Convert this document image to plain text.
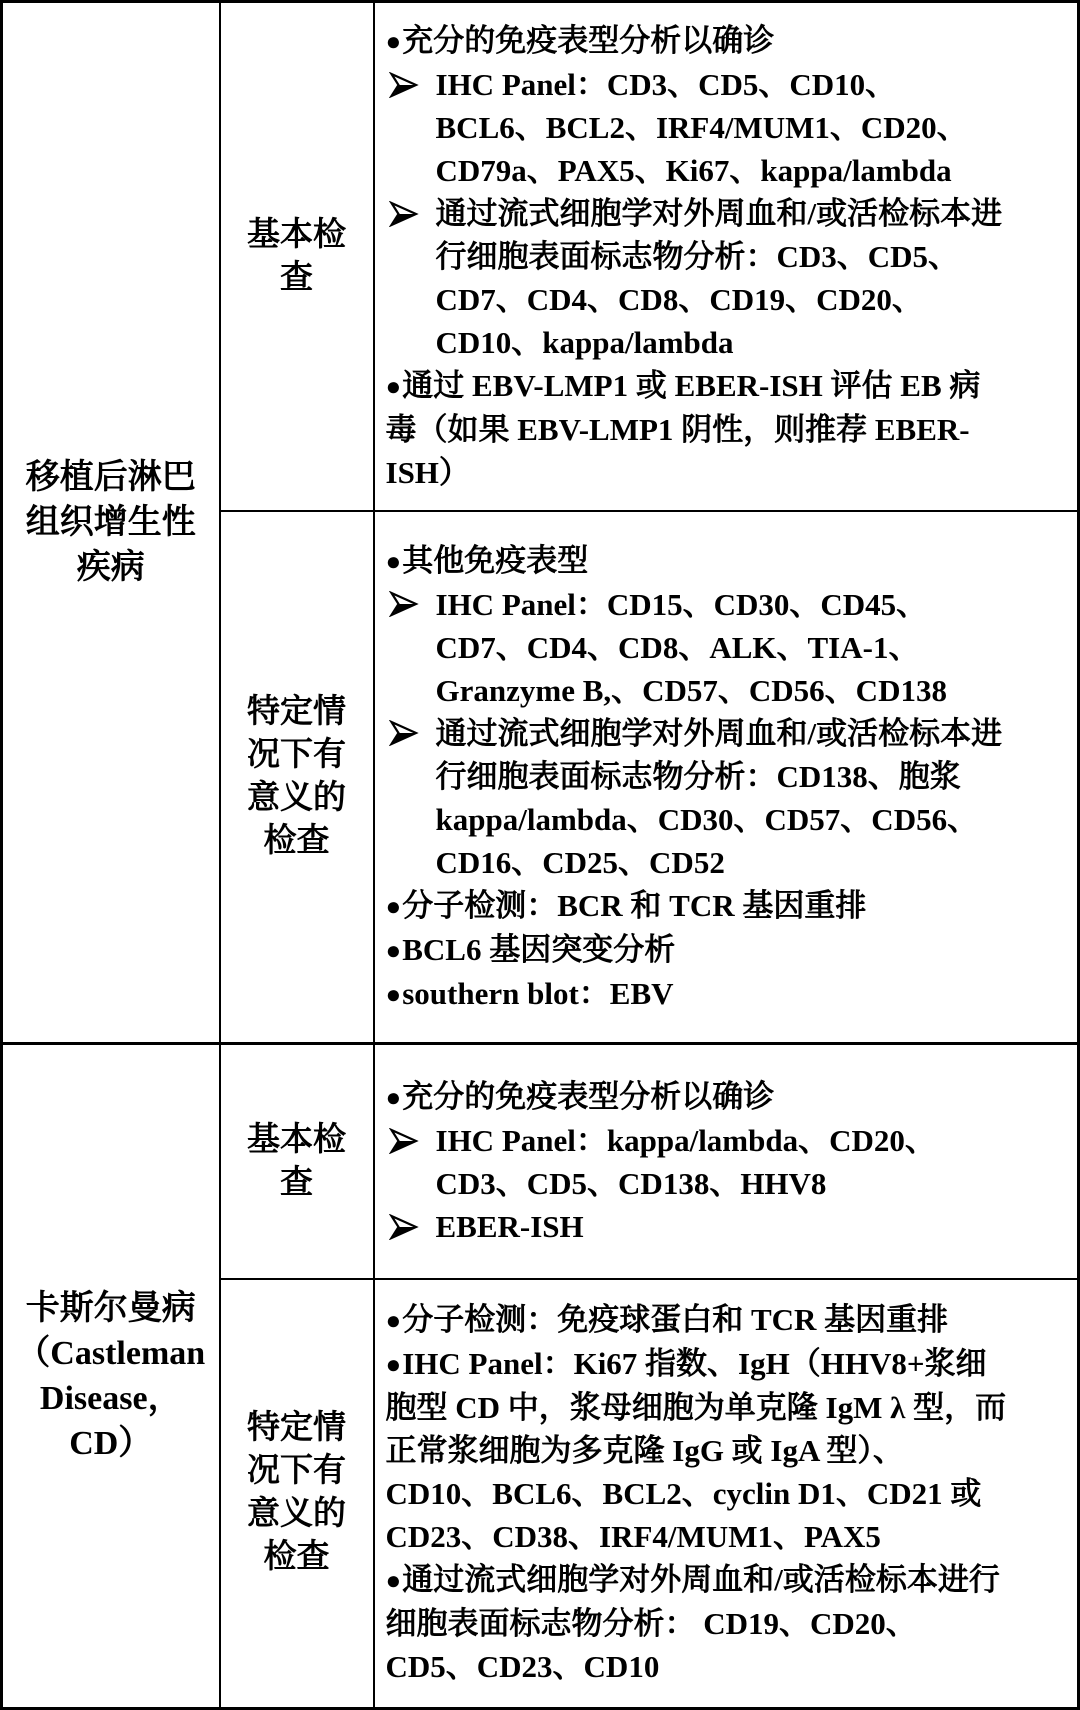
移植后淋巴
组织增生性
疾病

基本检
查

●充分的免疫表型分析以确诊
IHC Panel：CD3、CD5、CD10、
BCL6、BCL2、IRF4/MUM1、CD20、
CD79a、PAX5、Ki67、kappa/lambda
通过流式细胞学对外周血和/或活检标本进
行细胞表面标志物分析：CD3、CD5、
CD7、CD4、CD8、CD19、CD20、
CD10、kappa/lambda
●通过 EBV-LMP1 或 EBER-ISH 评估 EB 病
毒（如果 EBV-LMP1 阴性，则推荐 EBER-
ISH）

特定情
况下有
意义的
检查

●其他免疫表型
IHC Panel：CD15、CD30、CD45、
CD7、CD4、CD8、ALK、TIA-1、
Granzyme B,、CD57、CD56、CD138
通过流式细胞学对外周血和/或活检标本进
行细胞表面标志物分析：CD138、胞浆
kappa/lambda、CD30、CD57、CD56、
CD16、CD25、CD52
●分子检测：BCR 和 TCR 基因重排
●BCL6 基因突变分析
●southern blot：EBV

卡斯尔曼病
（Castleman
Disease，
CD）

基本检
查

●充分的免疫表型分析以确诊
IHC Panel：kappa/lambda、CD20、
CD3、CD5、CD138、HHV8
EBER-ISH

特定情
况下有
意义的
检查

●分子检测：免疫球蛋白和 TCR 基因重排
●IHC Panel：Ki67 指数、IgH（HHV8+浆细
胞型 CD 中，浆母细胞为单克隆 IgM λ 型，而
正常浆细胞为多克隆 IgG 或 IgA 型）、
CD10、BCL6、BCL2、cyclin D1、CD21 或
CD23、CD38、IRF4/MUM1、PAX5
●通过流式细胞学对外周血和/或活检标本进行
细胞表面标志物分析： CD19、CD20、
CD5、CD23、CD10
